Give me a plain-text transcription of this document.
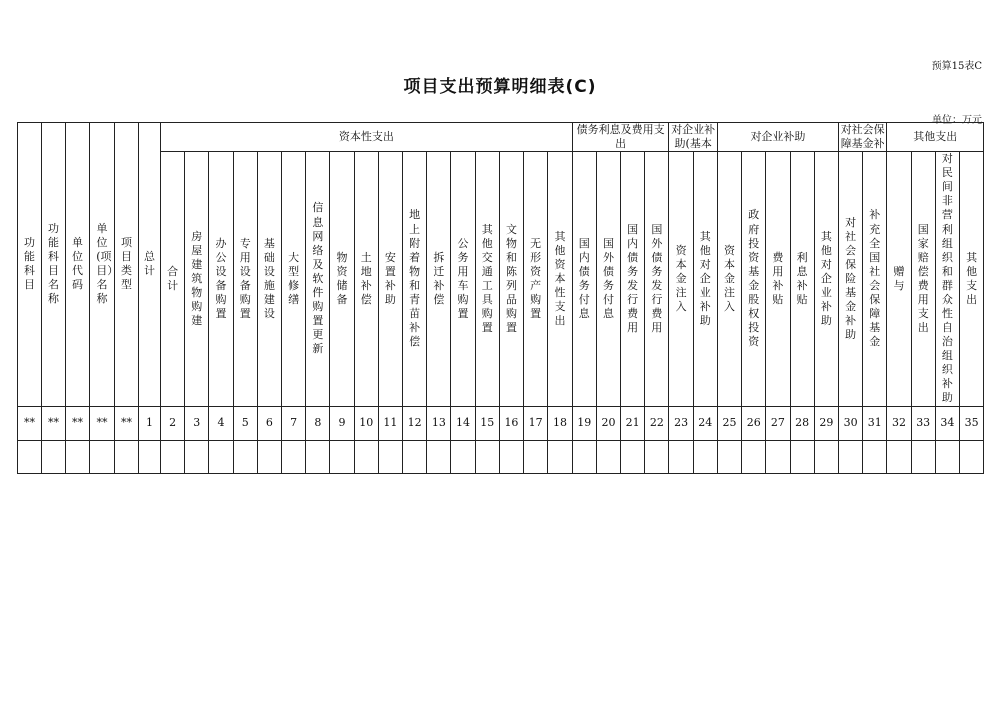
预算15表C
项目支出预算明细表(C)
单位：万元
功能科目	功能科目名称	单位代码	单位(项目）名称	项目类型	总计	资本性支出																	债务利息及费用支出				对企业补助(基本		对企业补助					对社会保障基金补		其他支出			
						合计	房屋建筑物购建	办公设备购置	专用设备购置	基础设施建设	大型修缮	信息网络及软件购置更新	物资储备	土地补偿	安置补助	地上附着物和青苗补偿	拆迁补偿	公务用车购置	其他交通工具购置	文物和陈列品购置	无形资产购置	其他资本性支出	国内债务付息	国外债务付息	国内债务发行费用	国外债务发行费用	资本金注入	其他对企业补助	资本金注入	政府投资基金股权投资	费用补贴	利息补贴	其他对企业补助	对社会保险基金补助	补充全国社会保障基金	赠与	国家赔偿费用支出	对民间非营利组织和群众性自治组织补助	其他支出
**	**	**	**	**	1	2	3	4	5	6	7	8	9	10	11	12	13	14	15	16	17	18	19	20	21	22	23	24	25	26	27	28	29	30	31	32	33	34	35
